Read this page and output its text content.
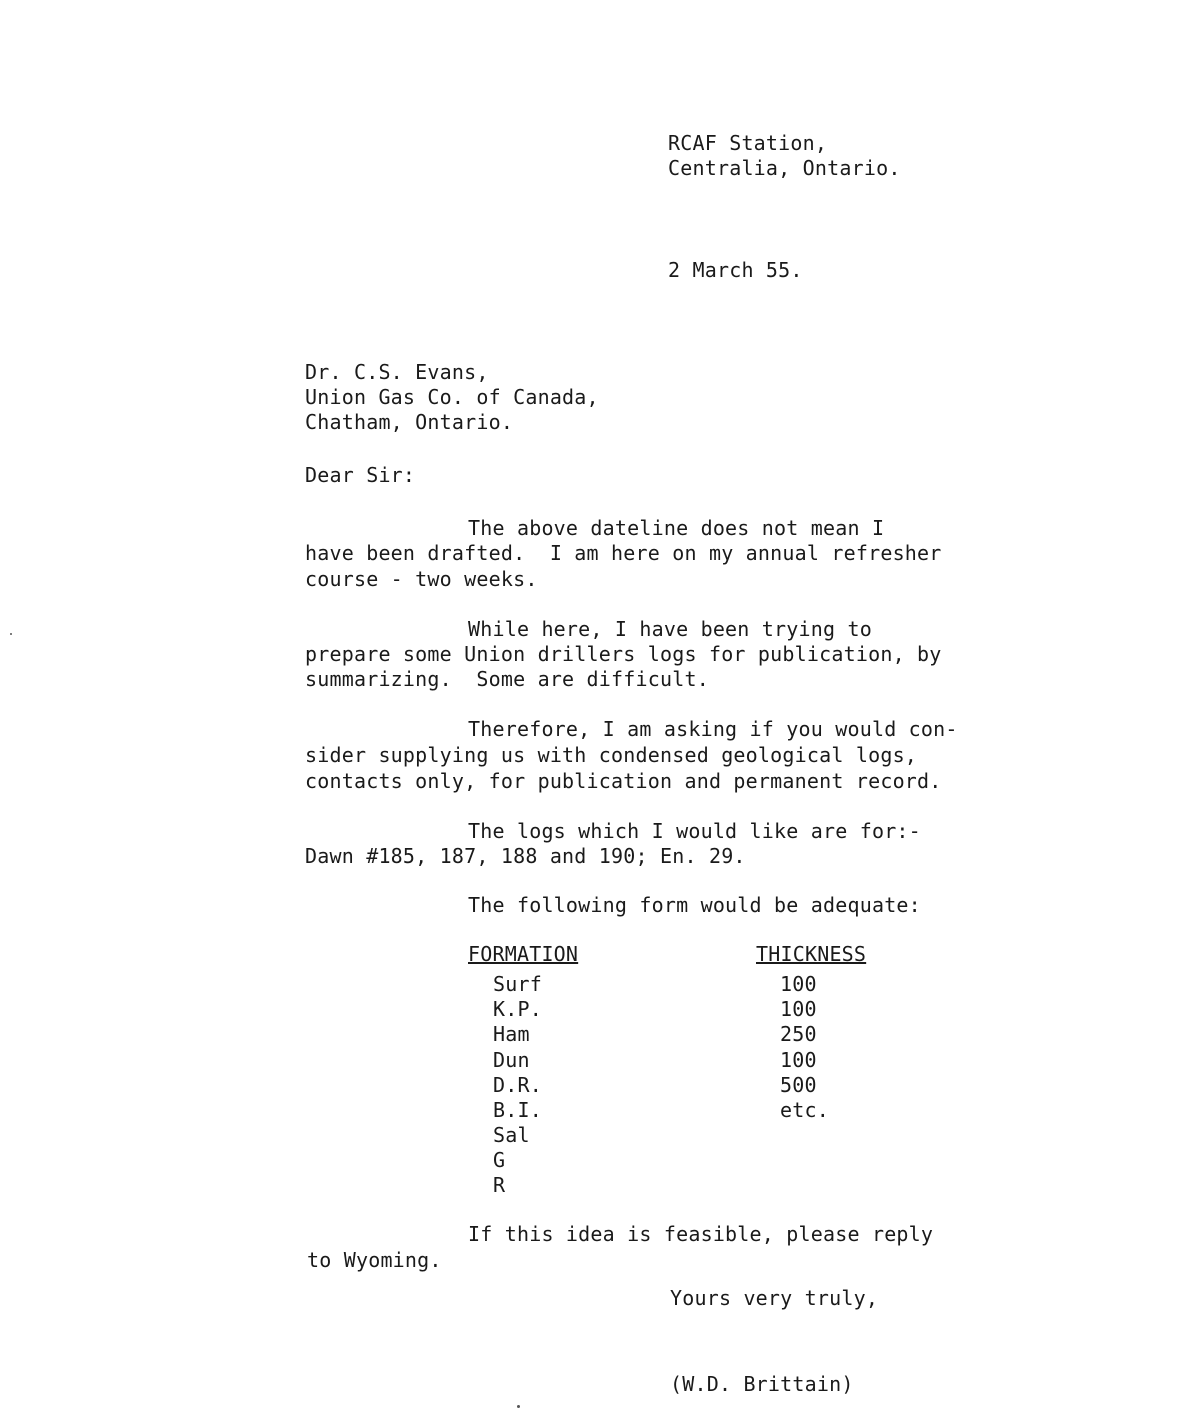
RCAF Station,
Centralia, Ontario.
2 March 55.
Dr. C.S. Evans,
Union Gas Co. of Canada,
Chatham, Ontario.
Dear Sir:
The above dateline does not mean I
have been drafted.  I am here on my annual refresher
course - two weeks.
While here, I have been trying to
prepare some Union drillers logs for publication, by
summarizing.  Some are difficult.
Therefore, I am asking if you would con-
sider supplying us with condensed geological logs,
contacts only, for publication and permanent record.
The logs which I would like are for:-
Dawn #185, 187, 188 and 190; En. 29.
The following form would be adequate:
FORMATION	THICKNESS
Surf
K.P.
Ham
Dun
D.R.
B.I.
Sal
G
R
100
100
250
100
500
etc.
If this idea is feasible, please reply
to Wyoming.
Yours very truly,
(W.D. Brittain)
